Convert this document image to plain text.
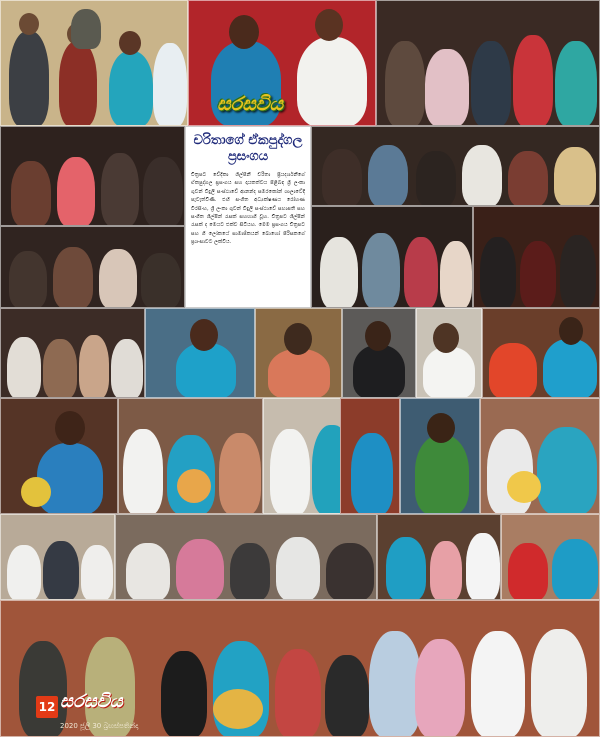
සරසවිය
චරිතාගේ ඒකපුද්ගල ප්‍රසංගය
චිත්‍රපට වේදිකා ශිල්පිනී චරිතා ප්‍රියදර්ශනීගේ ඒකපුද්ගල ප්‍රසංගය සහ දායකත්වය පිළිබඳ ශ්‍රී ලංකා ගුවන් විදුලි සංස්ථාවේ ආනන්ද සමරකෝන් ශාලාවේදී පැවැත්විණි. එහි සංගීත අධ්‍යක්ෂණය රෝහණ වීරසිංහ, ශ්‍රී ලංකා ගුවන් විදුලි සංස්ථාවේ සභාපති සහ සංගීත ශිල්පීන් රැසක් සහභාගි වූහ. චිත්‍රපට ශිල්පීන් රැසක් ද මෙයට එක්ව සිටියහ. මෙම ප්‍රසංගය චිත්‍රපට සහ ගී ලෝකයේ සාමාජිකයන් බොහෝ පිරිසකගේ ප්‍රශංසාවට ලක්විය.
12 සරසවිය
2020 ජූලි 30 බ්‍රහස්පතින්දා
